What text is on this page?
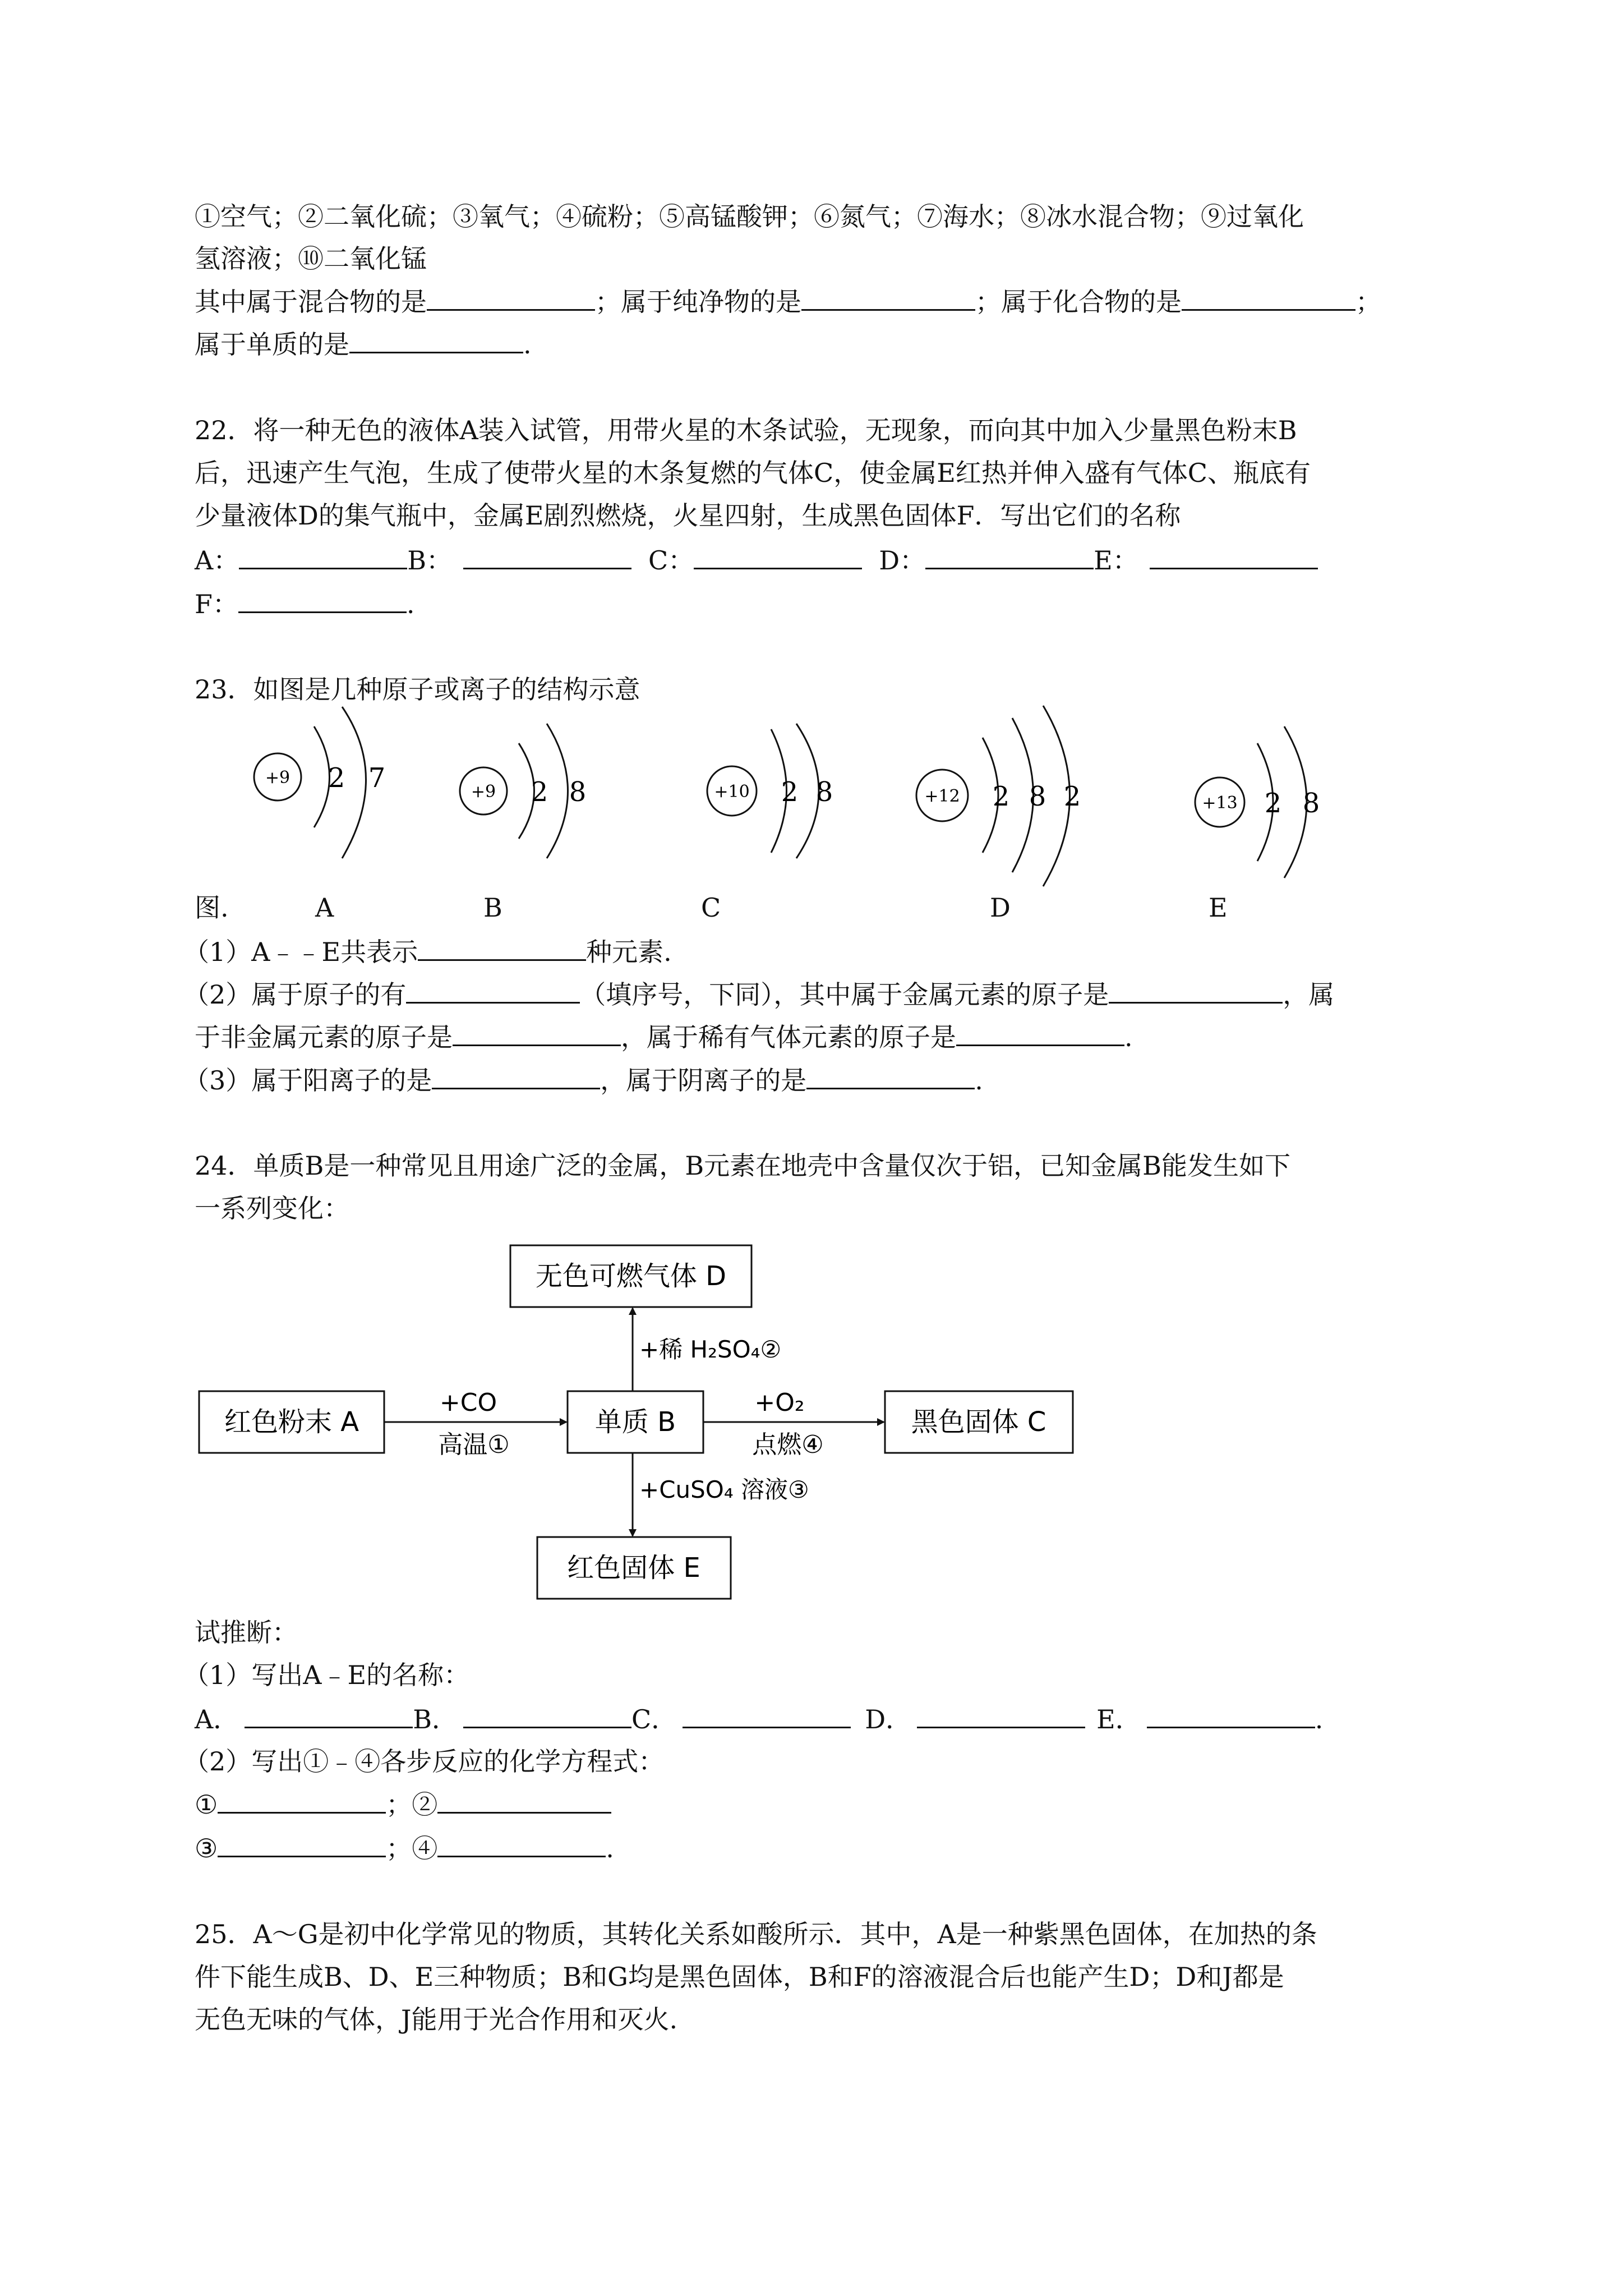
①空气；②二氧化硫；③氧气；④硫粉；⑤高锰酸钾；⑥氮气；⑦海水；⑧冰水混合物；⑨过氧化
氢溶液；⑩二氧化锰
其中属于混合物的是	；属于纯净物的是	；属于化合物的是	；
属于单质的是	.
22．将一种无色的液体A装入试管，用带火星的木条试验，无现象，而向其中加入少量黑色粉末B
后，迅速产生气泡，生成了使带火星的木条复燃的气体C，使金属E红热并伸入盛有气体C、瓶底有
少量液体D的集气瓶中，金属E剧烈燃烧，火星四射，生成黑色固体F．写出它们的名称
A：	B：	C：	D：	E：
F：	.
23．如图是几种原子或离子的结构示意
+9 2 7	+9 2 8	+10 2 8	+12 2 8 2	+13 2 8
图.	A	B	C	D	E
（1）A﹣﹣E共表示	种元素.
（2）属于原子的有	（填序号，下同），其中属于金属元素的原子是	，属
于非金属元素的原子是	，属于稀有气体元素的原子是	.
（3）属于阳离子的是	，属于阴离子的是	.
24．单质B是一种常见且用途广泛的金属，B元素在地壳中含量仅次于铝，已知金属B能发生如下
一系列变化：
无色可燃气体 D
红色粉末 A	单质 B	黑色固体 C
红色固体 E
+CO
高温①
+O₂
点燃④
+稀 H₂SO₄②
+CuSO₄ 溶液③
试推断：
（1）写出A﹣E的名称：
A．	B．	C．	D．	E．	.
（2）写出①﹣④各步反应的化学方程式：
①	；②
③	；④	.
25．A～G是初中化学常见的物质，其转化关系如酸所示．其中，A是一种紫黑色固体，在加热的条
件下能生成B、D、E三种物质；B和G均是黑色固体，B和F的溶液混合后也能产生D；D和J都是
无色无味的气体，J能用于光合作用和灭火.
